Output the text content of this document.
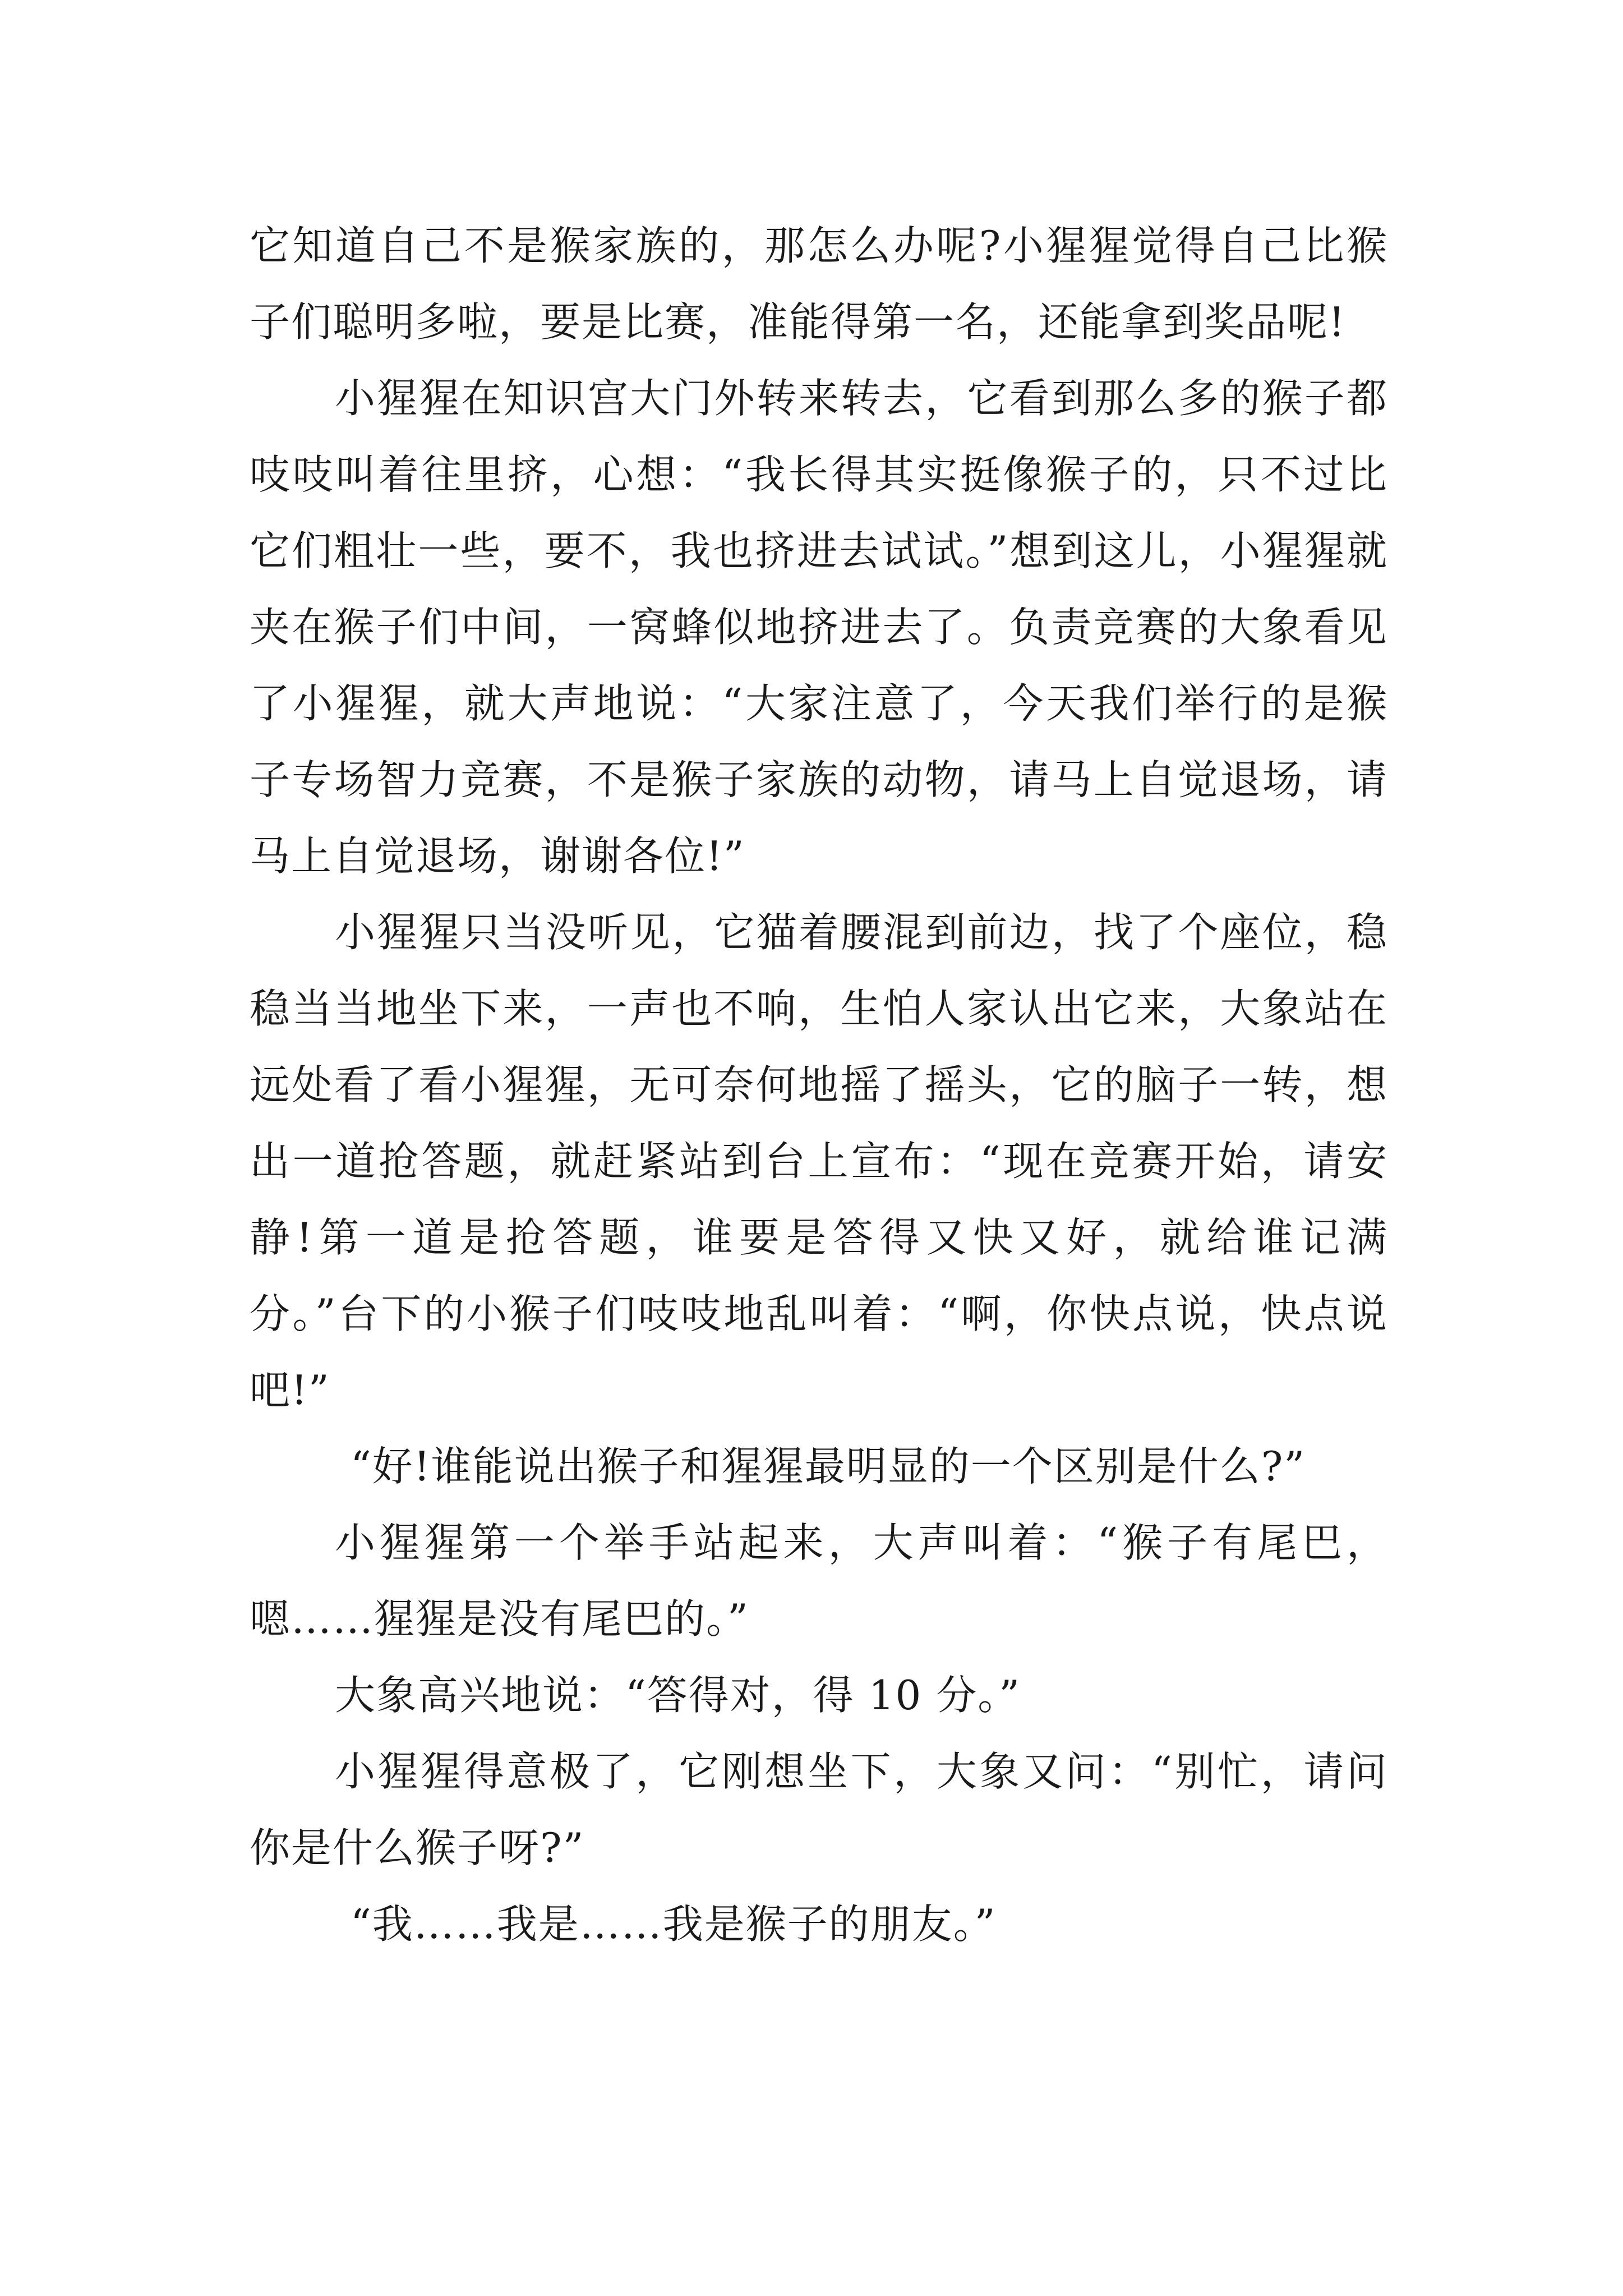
它知道自己不是猴家族的，那怎么办呢?小猩猩觉得自己比猴子们聪明多啦，要是比赛，准能得第一名，还能拿到奖品呢!

小猩猩在知识宫大门外转来转去，它看到那么多的猴子都吱吱叫着往里挤，心想：“我长得其实挺像猴子的，只不过比它们粗壮一些，要不，我也挤进去试试。”想到这儿，小猩猩就夹在猴子们中间，一窝蜂似地挤进去了。负责竞赛的大象看见了小猩猩，就大声地说：“大家注意了，今天我们举行的是猴子专场智力竞赛，不是猴子家族的动物，请马上自觉退场，请马上自觉退场，谢谢各位!”

小猩猩只当没听见，它猫着腰混到前边，找了个座位，稳稳当当地坐下来，一声也不响，生怕人家认出它来，大象站在远处看了看小猩猩，无可奈何地摇了摇头，它的脑子一转，想出一道抢答题，就赶紧站到台上宣布：“现在竞赛开始，请安静!第一道是抢答题，谁要是答得又快又好，就给谁记满分。”台下的小猴子们吱吱地乱叫着：“啊，你快点说，快点说吧!”

“好!谁能说出猴子和猩猩最明显的一个区别是什么?”

小猩猩第一个举手站起来，大声叫着：“猴子有尾巴，嗯……猩猩是没有尾巴的。”

大象高兴地说：“答得对，得 10 分。”

小猩猩得意极了，它刚想坐下，大象又问：“别忙，请问你是什么猴子呀?”

“我……我是……我是猴子的朋友。”
